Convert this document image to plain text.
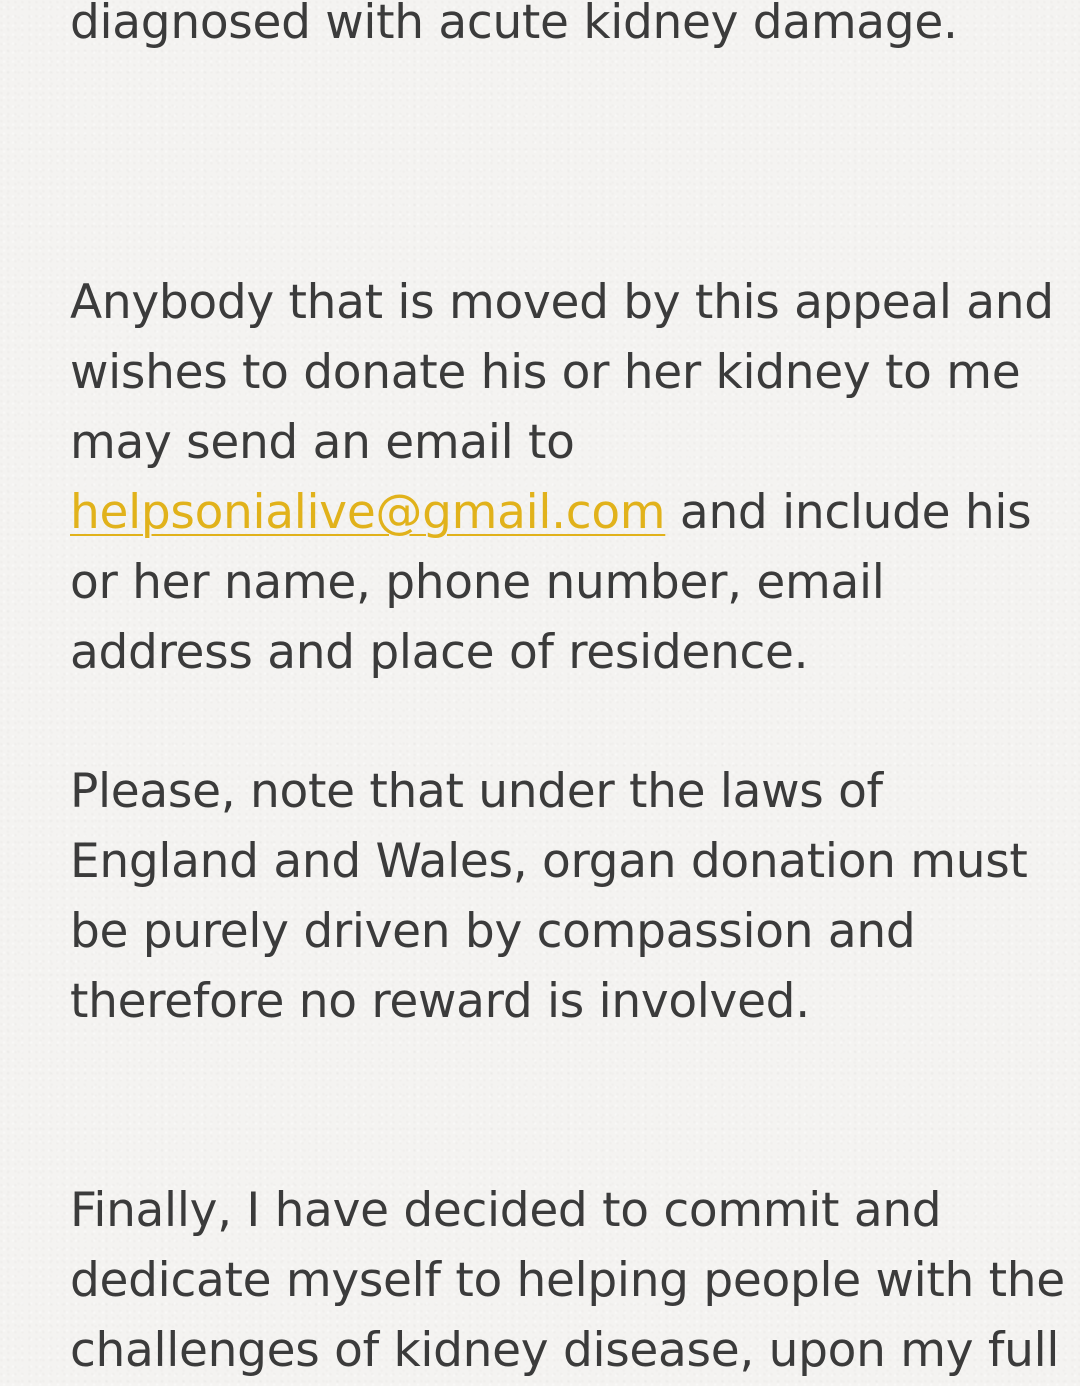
diagnosed with acute kidney damage.
Anybody that is moved by this appeal and
wishes to donate his or her kidney to me
may send an email to
helpsonialive@gmail.com and include his
or her name, phone number, email
address and place of residence.
Please, note that under the laws of
England and Wales, organ donation must
be purely driven by compassion and
therefore no reward is involved.
Finally, I have decided to commit and
dedicate myself to helping people with the
challenges of kidney disease, upon my full
